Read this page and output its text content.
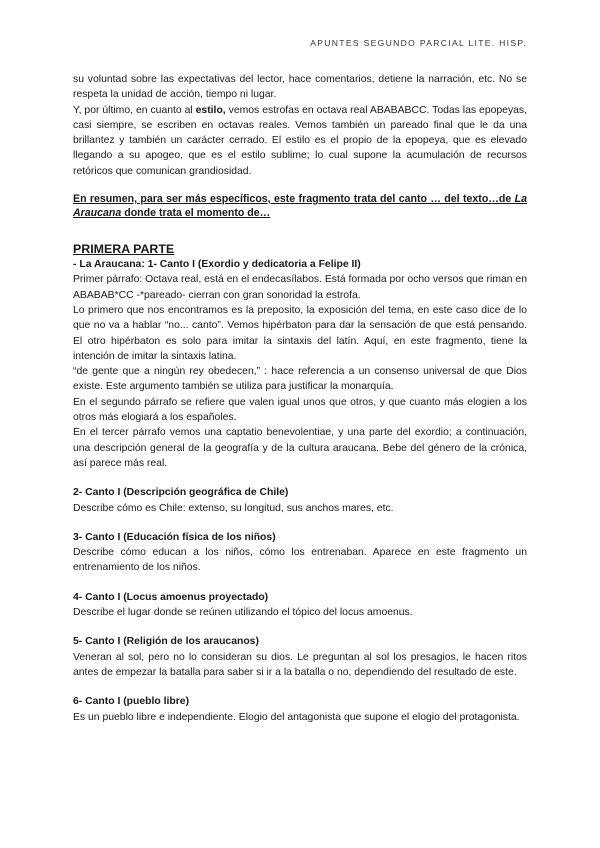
APUNTES SEGUNDO PARCIAL LITE. HISP.

su voluntad sobre las expectativas del lector, hace comentarios, detiene la narración, etc. No se respeta la unidad de acción, tiempo ni lugar.

Y, por último, en cuanto al estilo, vemos estrofas en octava real ABABABCC. Todas las epopeyas, casi siempre, se escriben en octavas reales. Vemos también un pareado final que le da una brillantez y también un carácter cerrado. El estilo es el propio de la epopeya, que es elevado llegando a su apogeo, que es el estilo sublime; lo cual supone la acumulación de recursos retóricos que comunican grandiosidad.

En resumen, para ser más específicos, este fragmento trata del canto … del texto…de La Araucana donde trata el momento de…
PRIMERA PARTE

- La Araucana: 1- Canto I (Exordio y dedicatoria a Felipe II)

Primer párrafo: Octava real, está en el endecasílabos. Está formada por ocho versos que riman en ABABAB*CC -*pareado- cierran con gran sonoridad la estrofa.

Lo primero que nos encontramos es la preposito, la exposición del tema, en este caso dice de lo que no va a hablar “no... canto”. Vemos hipérbaton para dar la sensación de que está pensando. El otro hipérbaton es solo para imitar la sintaxis del latín. Aquí, en este fragmento, tiene la intención de imitar la sintaxis latina.

“de gente que a ningún rey obedecen,” : hace referencia a un consenso universal de que Dios existe. Este argumento también se utiliza para justificar la monarquía.

En el segundo párrafo se refiere que valen igual unos que otros, y que cuanto más elogien a los otros más elogiará a los españoles.

En el tercer párrafo vemos una captatio benevolentiae, y una parte del exordio; a continuación, una descripción general de la geografía y de la cultura araucana. Bebe del género de la crónica, así parece más real.

2- Canto I (Descripción geográfica de Chile)

Describe cómo es Chile: extenso, su longitud, sus anchos mares, etc.

3- Canto I (Educación física de los niños)

Describe cómo educan a los niños, cómo los entrenaban. Aparece en este fragmento un entrenamiento de los niños.

4- Canto I (Locus amoenus proyectado)

Describe el lugar donde se reúnen utilizando el tópico del locus amoenus.

5- Canto I (Religión de los araucanos)

Veneran al sol, pero no lo consideran su dios. Le preguntan al sol los presagios, le hacen ritos antes de empezar la batalla para saber si ir a la batalla o no, dependiendo del resultado de este.

6- Canto I (pueblo libre)

Es un pueblo libre e independiente. Elogio del antagonista que supone el elogio del protagonista.
